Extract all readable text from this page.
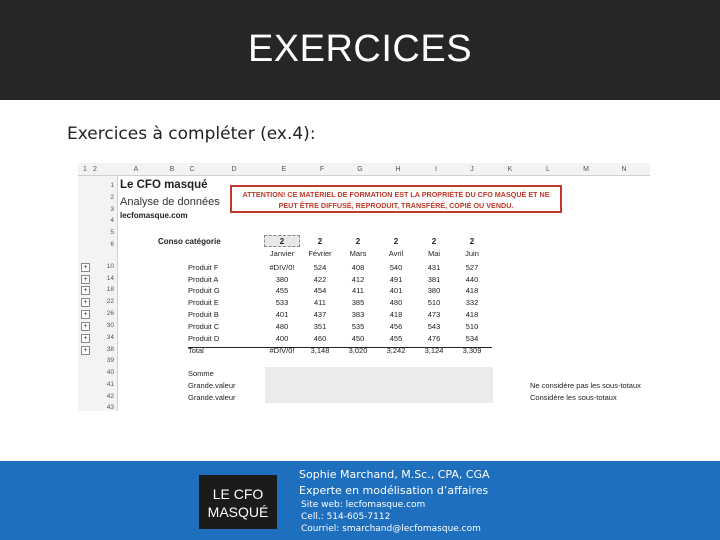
EXERCICES
Exercices à compléter (ex.4):
1 2	A	B	C	D	E	F	G	H	I	J	K	L	M	N
1
2
3
4
5
6
10
14
18
22
26
30
34
38
39
40
41
42
43
+
+
+
+
+
+
+
+
Le CFO masqué
Analyse de données
lecfomasque.com
ATTENTION! CE MATÉRIEL DE FORMATION EST LA PROPRIÉTÉ DU CFO MASQUÉ ET NE
PEUT ÊTRE DIFFUSÉ, REPRODUIT, TRANSFÉRÉ, COPIÉ OU VENDU.
Conso catégorie	2	2	2	2	2	2
Janvier	Février	Mars	Avril	Mai	Juin
Produit F	#DIV/0!	524	408	540	431	527
Produit A	380	422	412	491	381	440
Produit G	455	454	411	401	380	418
Produit E	533	411	385	480	510	332
Produit B	401	437	383	418	473	418
Produit C	480	351	535	456	543	510
Produit D	400	460	450	455	476	534
Total	#DIV/0!	3,148	3,020	3,242	3,124	3,309
Somme
Grande.valeur
Grande.valeur
Ne considère pas les sous-totaux
Considère les sous-totaux
LE CFO
MASQUÉ
Sophie Marchand, M.Sc., CPA, CGA
Experte en modélisation d’affaires
Site web: lecfomasque.com
Cell.: 514-605-7112
Courriel: smarchand@lecfomasque.com
